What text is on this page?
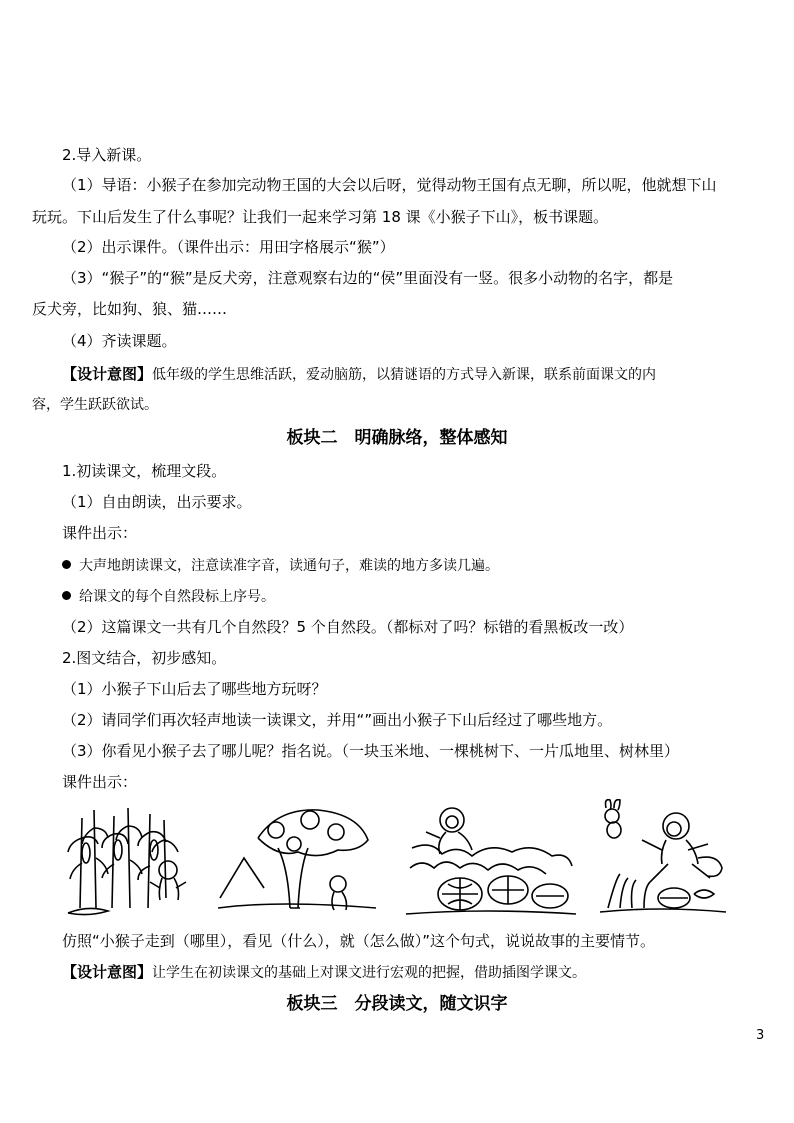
2.导入新课。
（1）导语：小猴子在参加完动物王国的大会以后呀，觉得动物王国有点无聊，所以呢，他就想下山
玩玩。下山后发生了什么事呢？让我们一起来学习第 18 课《小猴子下山》，板书课题。
（2）出示课件。（课件出示：用田字格展示“猴”）
（3）“猴子”的“猴”是反犬旁，注意观察右边的“侯”里面没有一竖。很多小动物的名字，都是
反犬旁，比如狗、狼、猫……
（4）齐读课题。
【设计意图】低年级的学生思维活跃，爱动脑筋，以猜谜语的方式导入新课，联系前面课文的内
容，学生跃跃欲试。
板块二　明确脉络，整体感知
1.初读课文，梳理文段。
（1）自由朗读，出示要求。
课件出示：
大声地朗读课文，注意读准字音，读通句子，难读的地方多读几遍。
给课文的每个自然段标上序号。
（2）这篇课文一共有几个自然段？5 个自然段。（都标对了吗？标错的看黑板改一改）
2.图文结合，初步感知。
（1）小猴子下山后去了哪些地方玩呀？
（2）请同学们再次轻声地读一读课文，并用“”画出小猴子下山后经过了哪些地方。
（3）你看见小猴子去了哪儿呢？指名说。（一块玉米地、一棵桃树下、一片瓜地里、树林里）
课件出示：
仿照“小猴子走到（哪里），看见（什么），就（怎么做）”这个句式，说说故事的主要情节。
【设计意图】让学生在初读课文的基础上对课文进行宏观的把握，借助插图学课文。
板块三　分段读文，随文识字
3
